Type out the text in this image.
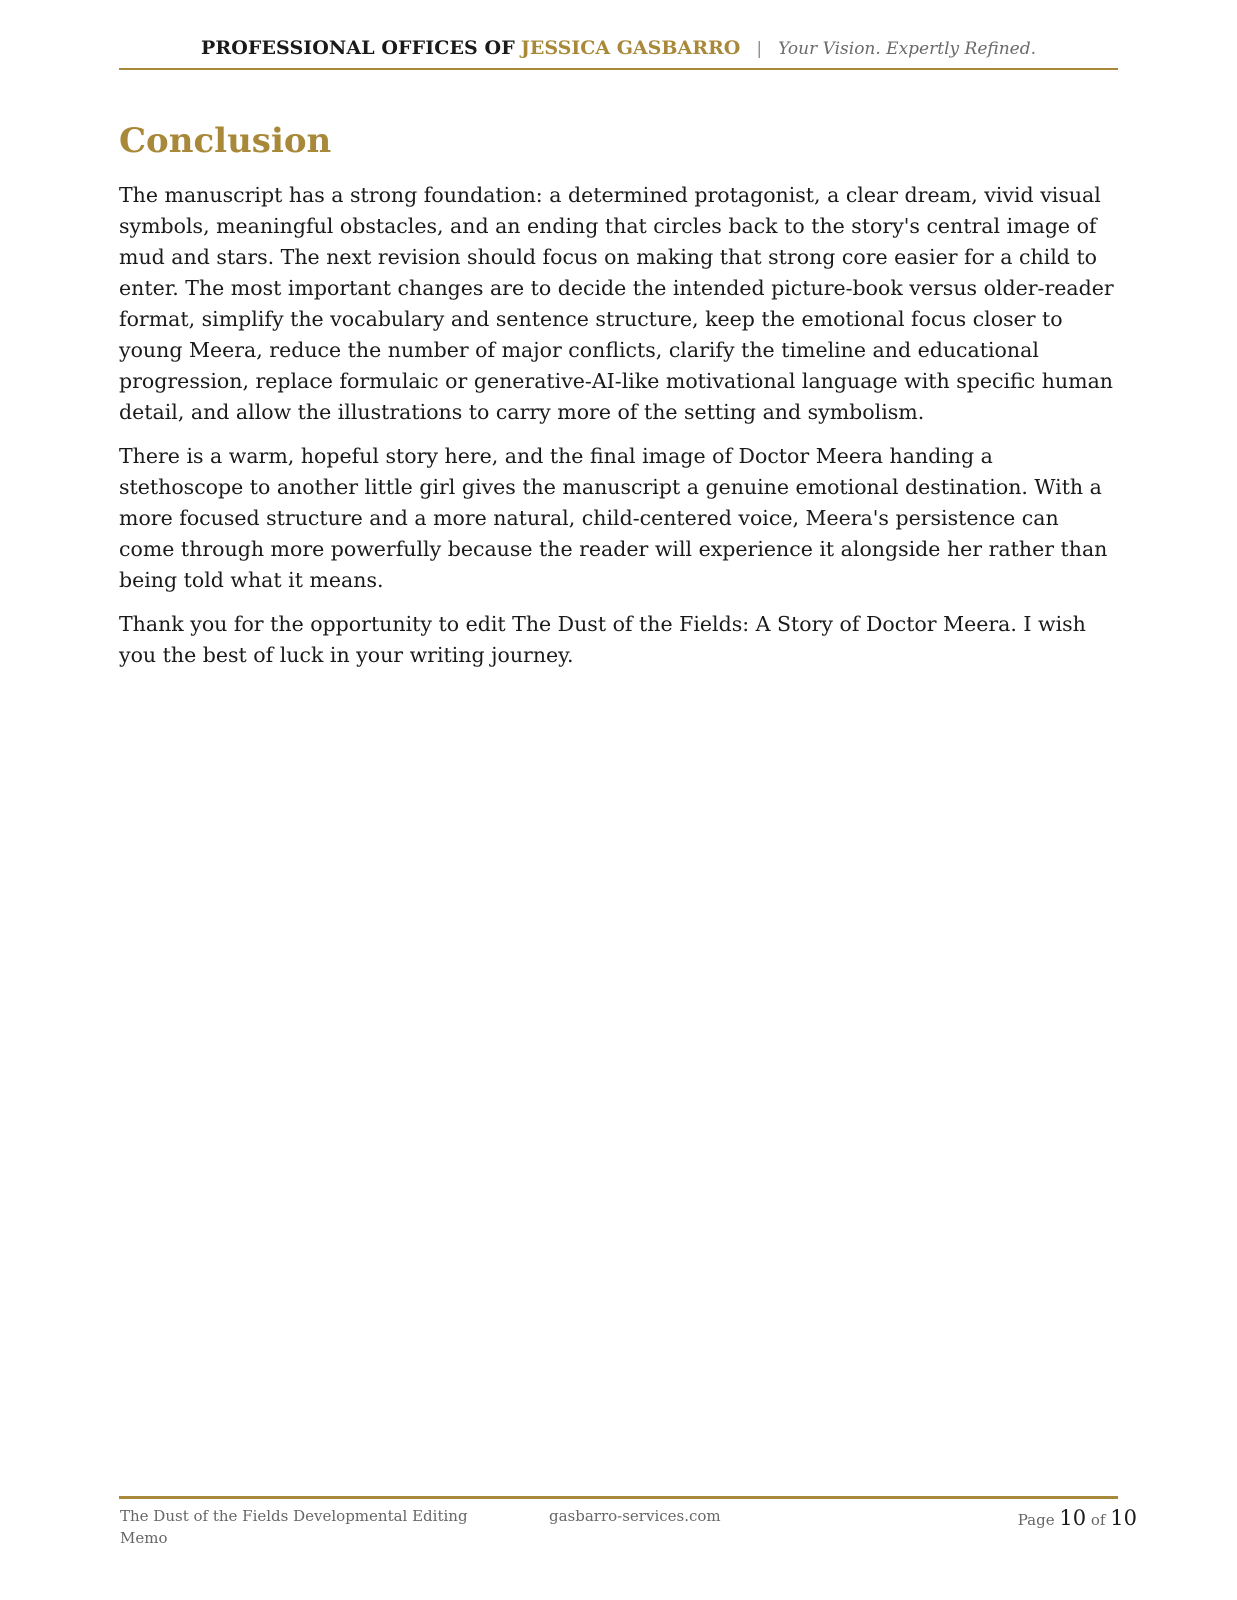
PROFESSIONAL OFFICES OF JESSICA GASBARRO | Your Vision. Expertly Refined.
Conclusion

The manuscript has a strong foundation: a determined protagonist, a clear dream, vivid visual symbols, meaningful obstacles, and an ending that circles back to the story's central image of mud and stars. The next revision should focus on making that strong core easier for a child to enter. The most important changes are to decide the intended picture-book versus older-reader format, simplify the vocabulary and sentence structure, keep the emotional focus closer to young Meera, reduce the number of major conflicts, clarify the timeline and educational progression, replace formulaic or generative-AI-like motivational language with specific human detail, and allow the illustrations to carry more of the setting and symbolism.

There is a warm, hopeful story here, and the final image of Doctor Meera handing a stethoscope to another little girl gives the manuscript a genuine emotional destination. With a more focused structure and a more natural, child-centered voice, Meera's persistence can come through more powerfully because the reader will experience it alongside her rather than being told what it means.

Thank you for the opportunity to edit The Dust of the Fields: A Story of Doctor Meera. I wish you the best of luck in your writing journey.

The Dust of the Fields Developmental Editing Memo
gasbarro-services.com	Page 10 of 10
